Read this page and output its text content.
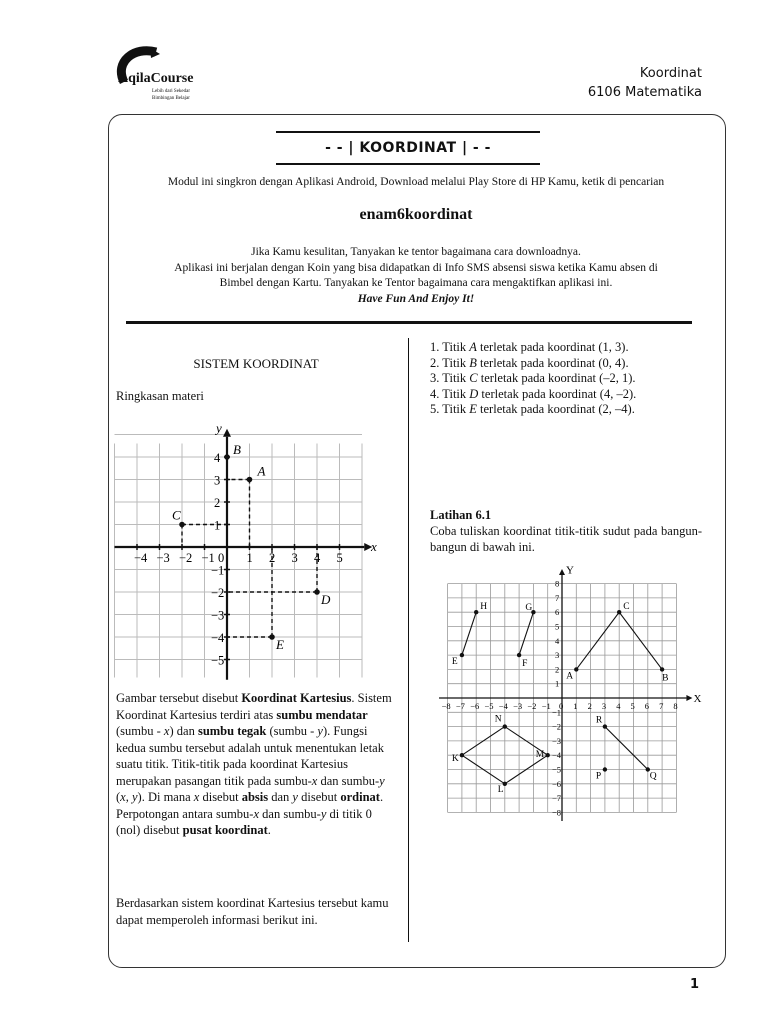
AqilaCourse
Lebih dari Sekedar
Bimbingan Belajar
Koordinat
6106 Matematika
- - | KOORDINAT | - -
Modul ini singkron dengan Aplikasi Android, Download melalui Play Store di HP Kamu, ketik di pencarian
enam6koordinat
Jika Kamu kesulitan, Tanyakan ke tentor bagaimana cara downloadnya.
Aplikasi ini berjalan dengan Koin yang bisa didapatkan di Info SMS absensi siswa ketika Kamu absen di
Bimbel dengan Kartu. Tanyakan ke Tentor bagaimana cara mengaktifkan aplikasi ini.
Have Fun And Enjoy It!
SISTEM KOORDINAT
Ringkasan materi
x
y
−4 −3 −2 −1 0 1 2 3 4 5
4
3
2
1
−1
−2
−3
−4
−5
A
B
C
D
E

Gambar tersebut disebut Koordinat Kartesius. Sistem Koordinat Kartesius terdiri atas sumbu mendatar (sumbu - x) dan sumbu tegak (sumbu - y). Fungsi kedua sumbu tersebut adalah untuk menentukan letak suatu titik. Titik-titik pada koordinat Kartesius merupakan pasangan titik pada sumbu-x dan sumbu-y (x, y). Di mana x disebut absis dan y disebut ordinat. Perpotongan antara sumbu-x dan sumbu-y di titik 0 (nol) disebut pusat koordinat.

Berdasarkan sistem koordinat Kartesius tersebut kamu dapat memperoleh informasi berikut ini.
1. Titik A terletak pada koordinat (1, 3).
2. Titik B terletak pada koordinat (0, 4).
3. Titik C terletak pada koordinat (–2, 1).
4. Titik D terletak pada koordinat (4, –2).
5. Titik E terletak pada koordinat (2, –4).
Latihan 6.1
Coba tuliskan koordinat titik-titik sudut pada bangun-bangun di bawah ini.
X
Y
−8 −7 −6 −5 −4 −3 −2 −1 0 1 2 3 4 5 6 7 8
8
7
6
5
4
3
2
1
−1
−2
−3
−4
−5
−6
−7
−8
H
E
G
F
C
A	B
N
K	M
L
R
P	Q
1
